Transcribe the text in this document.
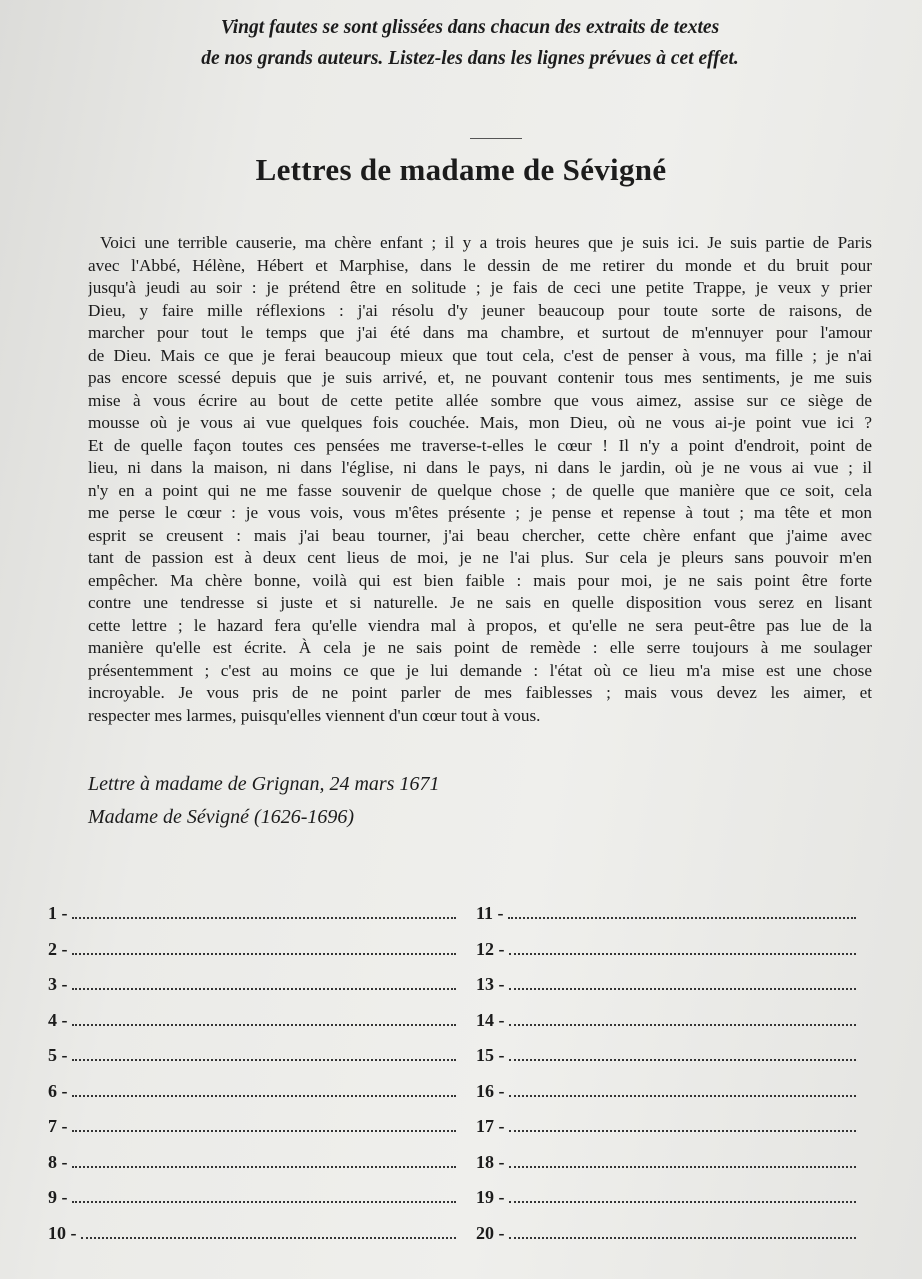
Vingt fautes se sont glissées dans chacun des extraits de textes
de nos grands auteurs. Listez-les dans les lignes prévues à cet effet.
Lettres de madame de Sévigné
Voici une terrible causerie, ma chère enfant ; il y a trois heures que je suis ici. Je suis partie de Paris
avec l'Abbé, Hélène, Hébert et Marphise, dans le dessin de me retirer du monde et du bruit pour
jusqu'à jeudi au soir : je prétend être en solitude ; je fais de ceci une petite Trappe, je veux y prier
Dieu, y faire mille réflexions : j'ai résolu d'y jeuner beaucoup pour toute sorte de raisons, de
marcher pour tout le temps que j'ai été dans ma chambre, et surtout de m'ennuyer pour l'amour
de Dieu. Mais ce que je ferai beaucoup mieux que tout cela, c'est de penser à vous, ma fille ; je n'ai
pas encore scessé depuis que je suis arrivé, et, ne pouvant contenir tous mes sentiments, je me suis
mise à vous écrire au bout de cette petite allée sombre que vous aimez, assise sur ce siège de
mousse où je vous ai vue quelques fois couchée. Mais, mon Dieu, où ne vous ai-je point vue ici ?
Et de quelle façon toutes ces pensées me traverse-t-elles le cœur ! Il n'y a point d'endroit, point de
lieu, ni dans la maison, ni dans l'église, ni dans le pays, ni dans le jardin, où je ne vous ai vue ; il
n'y en a point qui ne me fasse souvenir de quelque chose ; de quelle que manière que ce soit, cela
me perse le cœur : je vous vois, vous m'êtes présente ; je pense et repense à tout ; ma tête et mon
esprit se creusent : mais j'ai beau tourner, j'ai beau chercher, cette chère enfant que j'aime avec
tant de passion est à deux cent lieus de moi, je ne l'ai plus. Sur cela je pleurs sans pouvoir m'en
empêcher. Ma chère bonne, voilà qui est bien faible : mais pour moi, je ne sais point être forte
contre une tendresse si juste et si naturelle. Je ne sais en quelle disposition vous serez en lisant
cette lettre ; le hazard fera qu'elle viendra mal à propos, et qu'elle ne sera peut-être pas lue de la
manière qu'elle est écrite. À cela je ne sais point de remède : elle serre toujours à me soulager
présentemment ; c'est au moins ce que je lui demande : l'état où ce lieu m'a mise est une chose
incroyable. Je vous pris de ne point parler de mes faiblesses ; mais vous devez les aimer, et
respecter mes larmes, puisqu'elles viennent d'un cœur tout à vous.
Lettre à madame de Grignan, 24 mars 1671
Madame de Sévigné (1626-1696)
1 -	11 -
2 -	12 -
3 -	13 -
4 -	14 -
5 -	15 -
6 -	16 -
7 -	17 -
8 -	18 -
9 -	19 -
10 -	20 -
